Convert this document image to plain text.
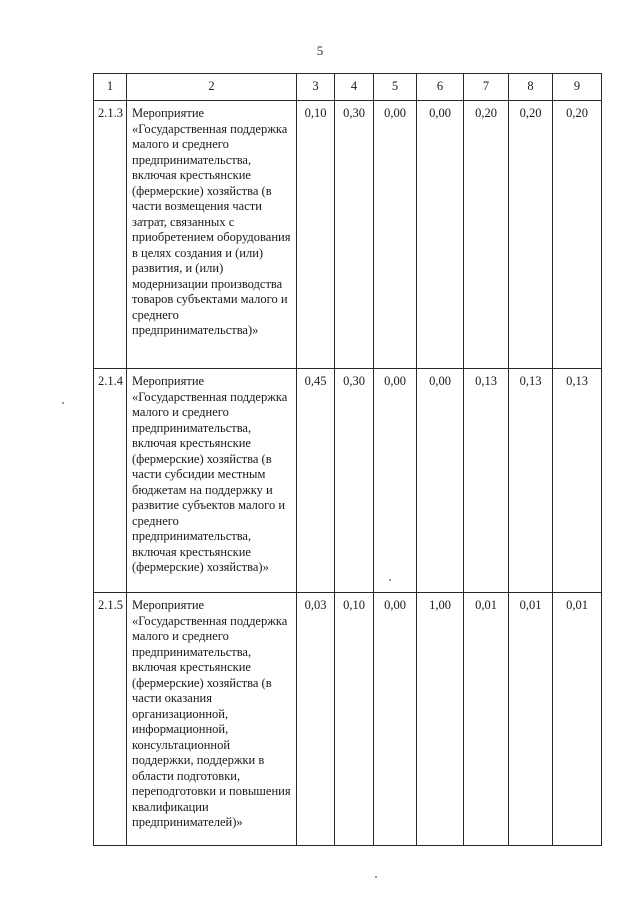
5
1	2	3	4	5	6	7	8	9
2.1.3	Мероприятие «Государственная поддержка малого и среднего предпринимательства, включая крестьянские (фермерские) хозяйства (в части возмещения части затрат, связанных с приобретением оборудования в целях создания и (или) развития, и (или) модернизации производства товаров субъектами малого и среднего предпринимательства)»	0,10	0,30	0,00	0,00	0,20	0,20	0,20
2.1.4	Мероприятие «Государственная поддержка малого и среднего предпринимательства, включая крестьянские (фермерские) хозяйства (в части субсидии местным бюджетам на поддержку и развитие субъектов малого и среднего предпринимательства, включая крестьянские (фермерские) хозяйства)»	0,45	0,30	0,00	0,00	0,13	0,13	0,13
2.1.5	Мероприятие «Государственная поддержка малого и среднего предпринимательства, включая крестьянские (фермерские) хозяйства (в части оказания организационной, информационной, консультационной поддержки, поддержки в области подготовки, переподготовки и повышения квалификации предпринимателей)»	0,03	0,10	0,00	1,00	0,01	0,01	0,01
